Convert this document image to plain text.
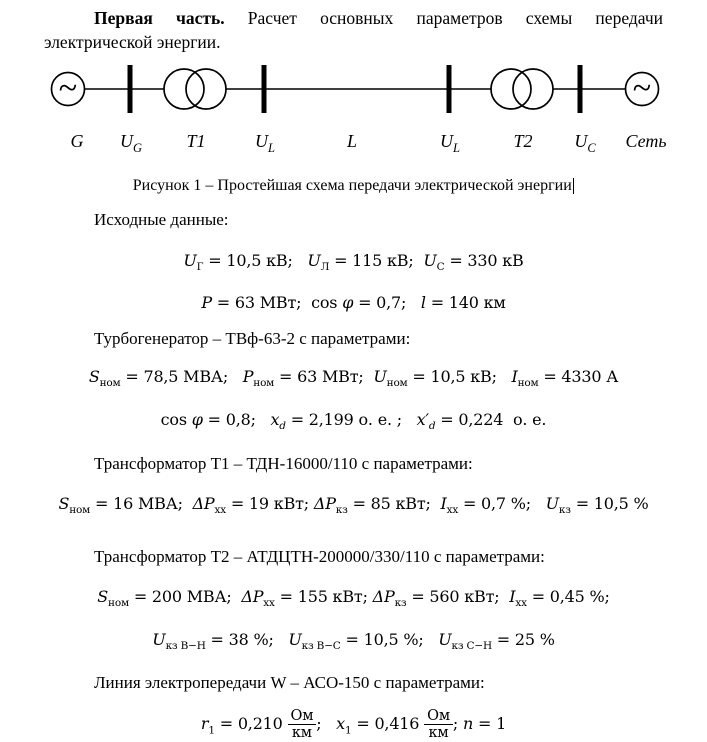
Первая часть. Расчет основных параметров схемы передачи
электрической энергии.
~	~
G $U_G$ T1	$U_L$	L	$U_L$	T2 $U_C$ Сеть
Рисунок 1 – Простейшая схема передачи электрической энергии
Исходные данные:
$U_Г = 10,5$ кВ;   $U_Л = 115$ кВ;  $U_С = 330$ кВ
P = 63 МВт;  cos φ = 0,7;   l = 140 км
Турбогенератор – ТВф-63-2 с параметрами:
$S_{ном} = 78,5$ МВА;   $P_{ном} = 63$ МВт;  $U_{ном} = 10,5$ кВ;   $I_{ном} = 4330$ А
cos φ = 0,8;   $x_d = 2,199$ о. е. ;   $x'_d = 0,224$  о. е.
Трансформатор Т1 – ТДН-16000/110 с параметрами:
$S_{ном} = 16$ МВА;  $\Delta P_{хх} = 19$ кВт; $\Delta P_{кз} = 85$ кВт;  $I_{хх} = 0,7$ %;   $U_{кз} = 10,5$ %
Трансформатор Т2 – АТДЦТН-200000/330/110 с параметрами:
$S_{ном} = 200$ МВА;  $\Delta P_{хх} = 155$ кВт; $\Delta P_{кз} = 560$ кВт;  $I_{хх} = 0,45$ %;
$U_{кз В-Н} = 38$ %;   $U_{кз В-С} = 10,5$ %;   $U_{кз С-Н} = 25$ %
Линия электропередачи W – АСО-150 с параметрами:
$r_1 = 0,210 \frac{Ом}{км}$ ;   $x_1 = 0,416 \frac{Ом}{км}$ ; n = 1
